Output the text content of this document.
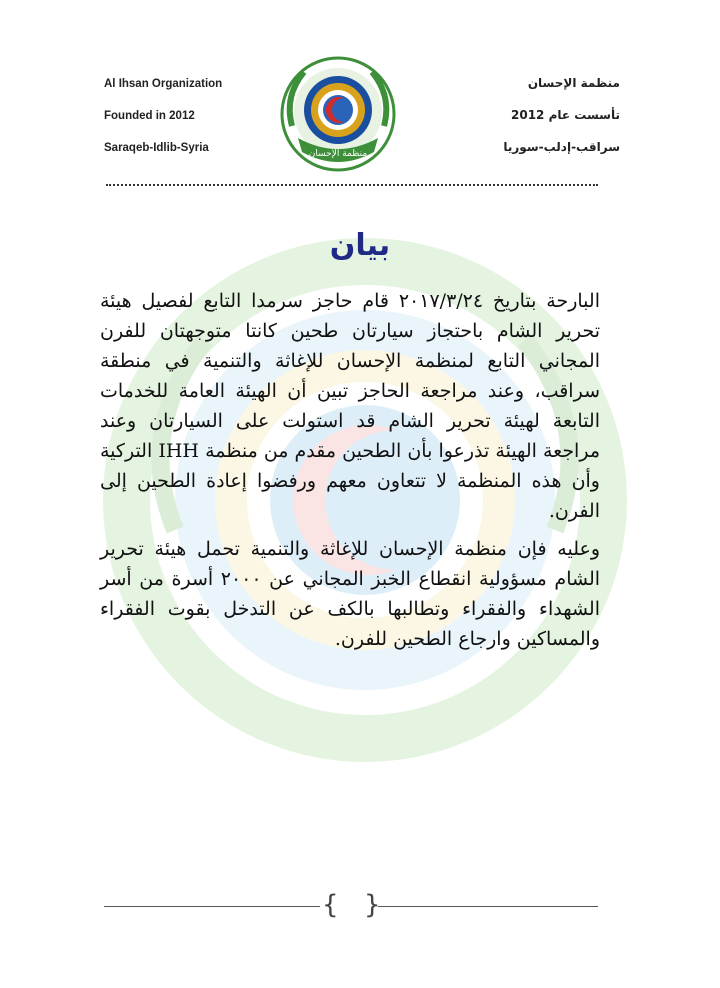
Al Ihsan Organization
Founded in 2012
Saraqeb-Idlib-Syria	منظمة الإحسان
منظمة الإحسان
تأسست عام 2012
سراقب-إدلب-سوريا
بيان

البارحة بتاريخ ٢٠١٧/٣/٢٤ قام حاجز سرمدا التابع لفصيل هيئة تحرير الشام باحتجاز سيارتان طحين كانتا متوجهتان للفرن المجاني التابع لمنظمة الإحسان للإغاثة والتنمية في منطقة سراقب، وعند مراجعة الحاجز تبين أن الهيئة العامة للخدمات التابعة لهيئة تحرير الشام قد استولت على السيارتان وعند مراجعة الهيئة تذرعوا بأن الطحين مقدم من منظمة IHH التركية وأن هذه المنظمة لا تتعاون معهم ورفضوا إعادة الطحين إلى الفرن.

وعليه فإن منظمة الإحسان للإغاثة والتنمية تحمل هيئة تحرير الشام مسؤولية انقطاع الخبز المجاني عن ٢٠٠٠ أسرة من أسر الشهداء والفقراء وتطالبها بالكف عن التدخل بقوت الفقراء والمساكين وارجاع الطحين للفرن.

{ }
